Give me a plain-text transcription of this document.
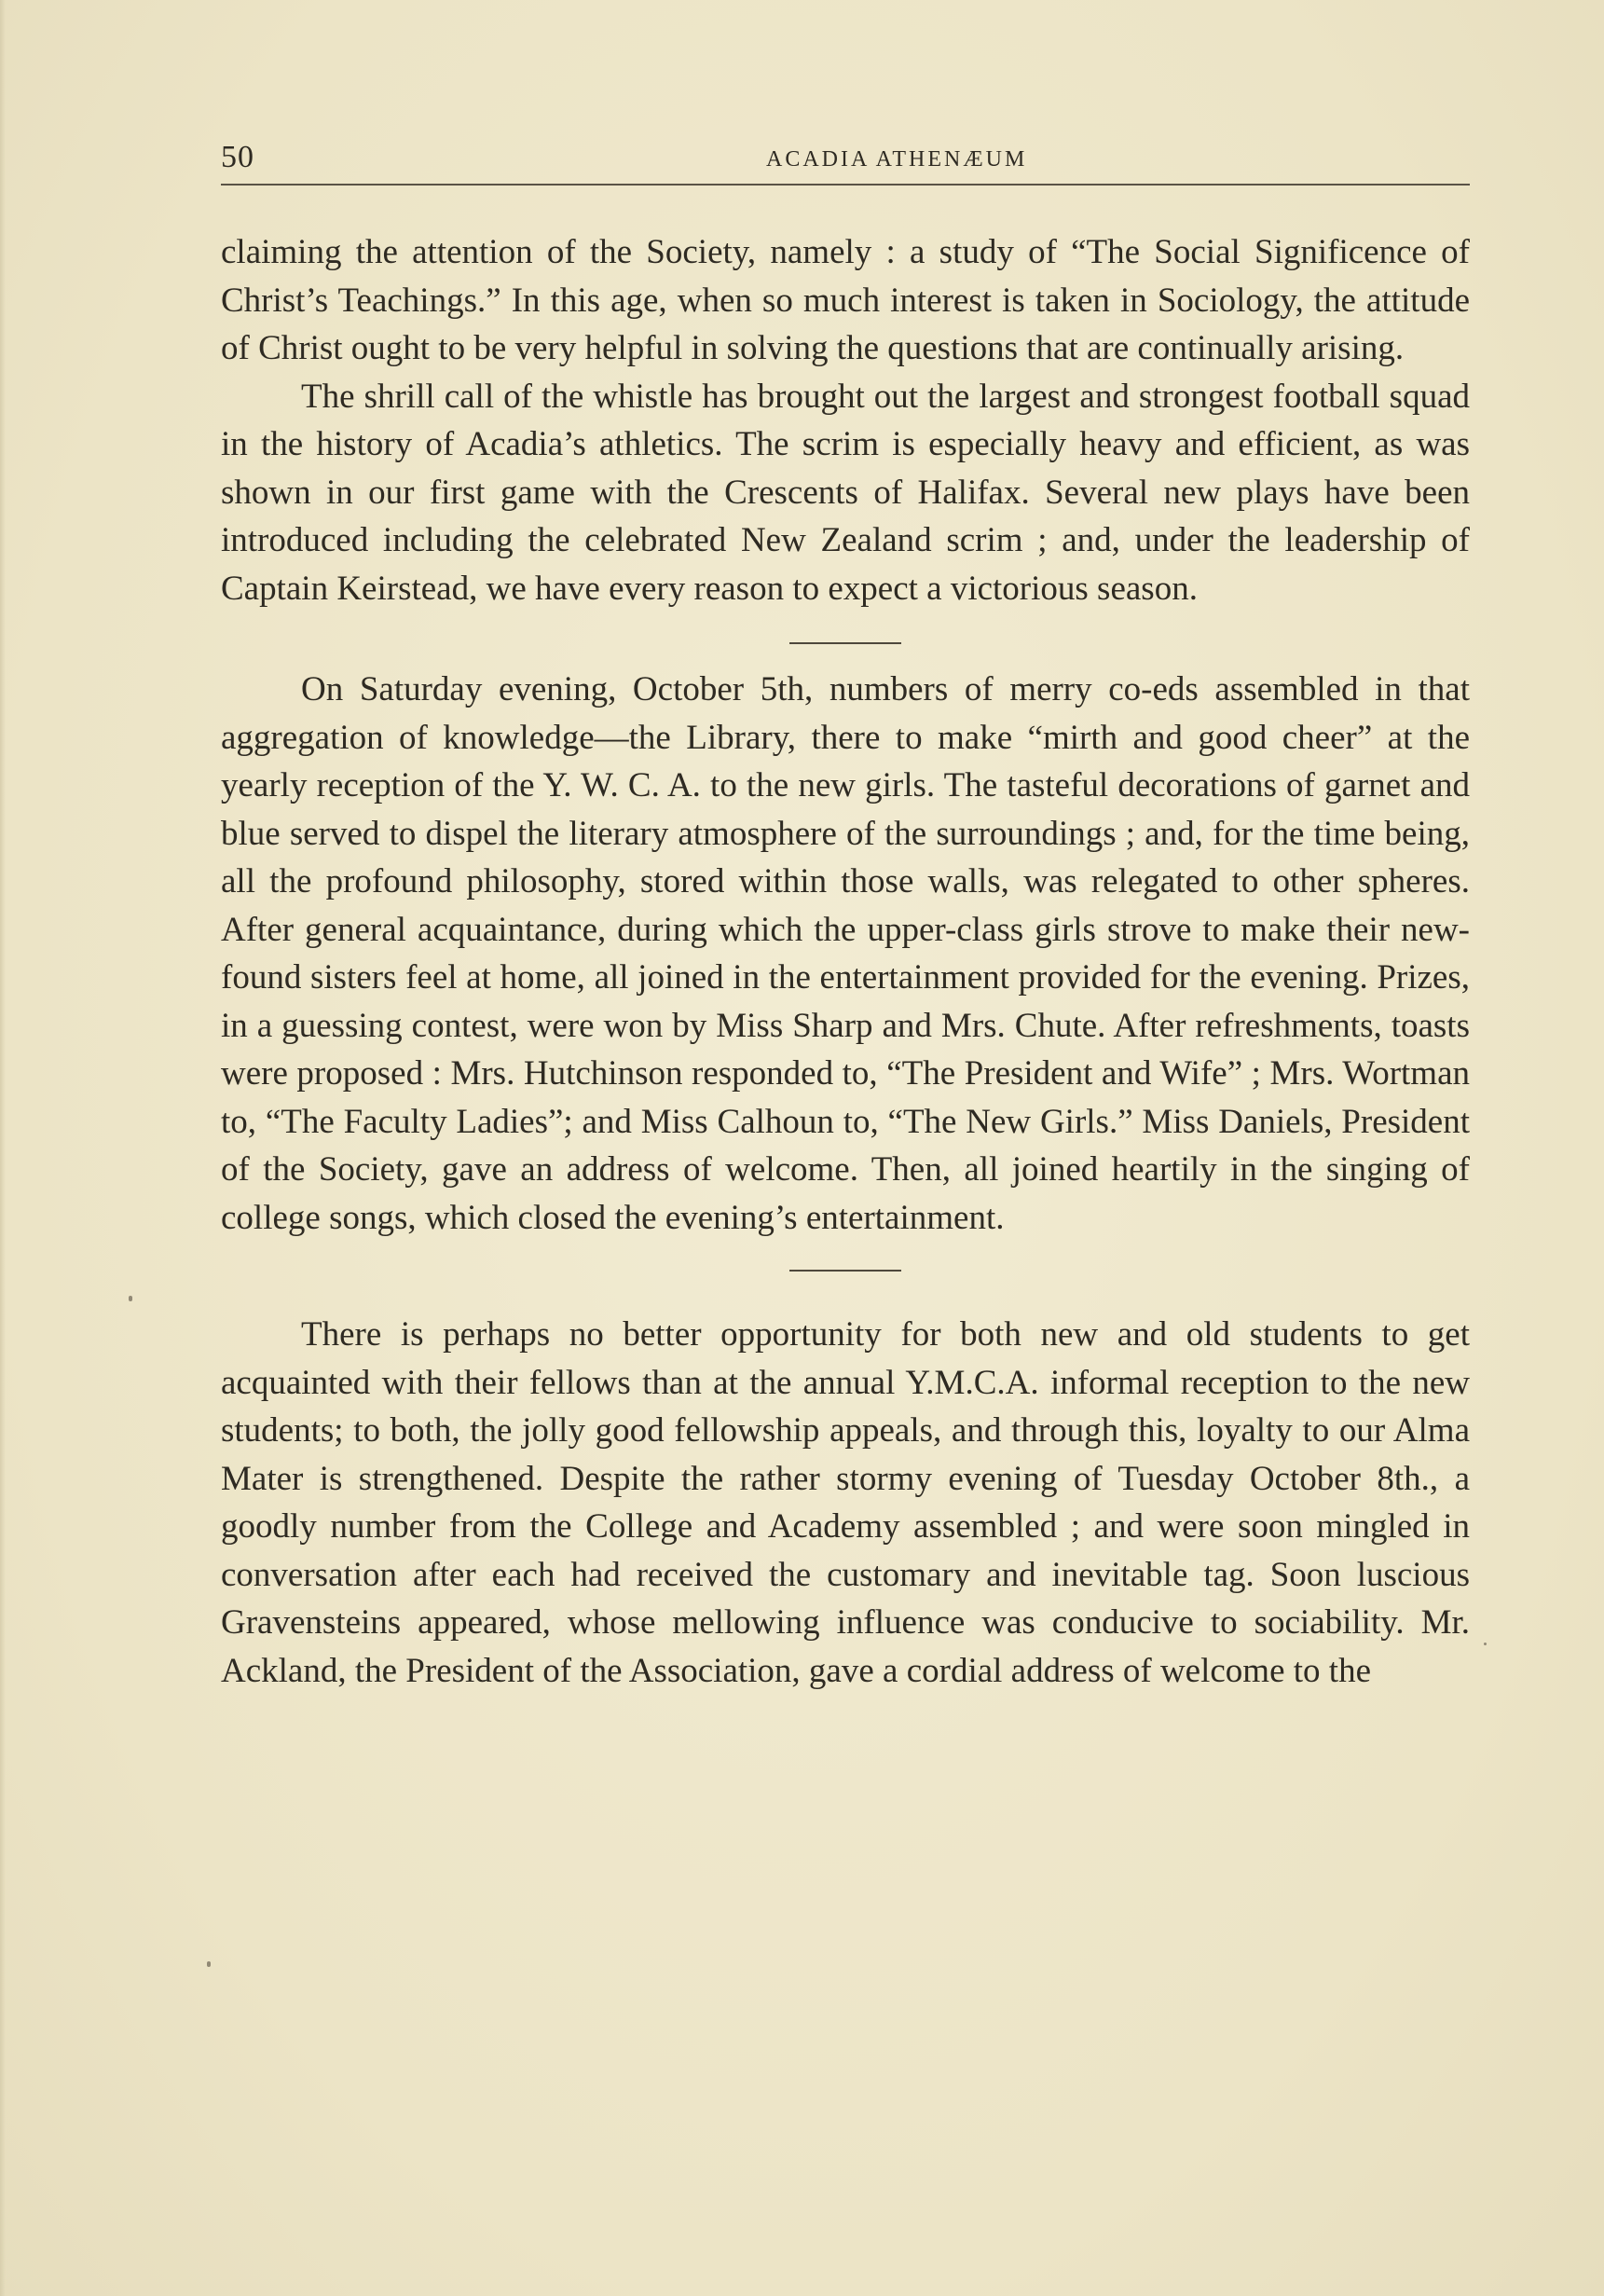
50	ACADIA ATHENÆUM

claiming the attention of the Society, namely : a study of “The Social Significence of Christ’s Teachings.” In this age, when so much interest is taken in Sociology, the attitude of Christ ought to be very helpful in solving the questions that are continually arising.

The shrill call of the whistle has brought out the largest and strongest football squad in the history of Acadia’s athletics. The scrim is especially heavy and efficient, as was shown in our first game with the Crescents of Halifax. Several new plays have been introduced including the celebrated New Zealand scrim ; and, under the leadership of Captain Keirstead, we have every reason to expect a victorious season.

On Saturday evening, October 5th, numbers of merry co-eds assembled in that aggregation of knowledge—the Library, there to make “mirth and good cheer” at the yearly reception of the Y. W. C. A. to the new girls. The tasteful decorations of garnet and blue served to dispel the literary atmosphere of the surroundings ; and, for the time being, all the profound philosophy, stored within those walls, was relegated to other spheres. After general acquaintance, during which the upper-class girls strove to make their new-found sisters feel at home, all joined in the entertainment provided for the evening. Prizes, in a guessing contest, were won by Miss Sharp and Mrs. Chute. After refreshments, toasts were proposed : Mrs. Hutchinson responded to, “The President and Wife” ; Mrs. Wortman to, “The Faculty Ladies”; and Miss Calhoun to, “The New Girls.” Miss Daniels, President of the Society, gave an address of welcome. Then, all joined heartily in the singing of college songs, which closed the evening’s entertainment.

There is perhaps no better opportunity for both new and old students to get acquainted with their fellows than at the annual Y.M.C.A. informal reception to the new students; to both, the jolly good fellowship appeals, and through this, loyalty to our Alma Mater is strengthened. Despite the rather stormy evening of Tuesday October 8th., a goodly number from the College and Academy assembled ; and were soon mingled in conversation after each had received the customary and inevitable tag. Soon luscious Gravensteins appeared, whose mellowing influence was conducive to sociability. Mr. Ackland, the President of the Association, gave a cordial address of welcome to the
